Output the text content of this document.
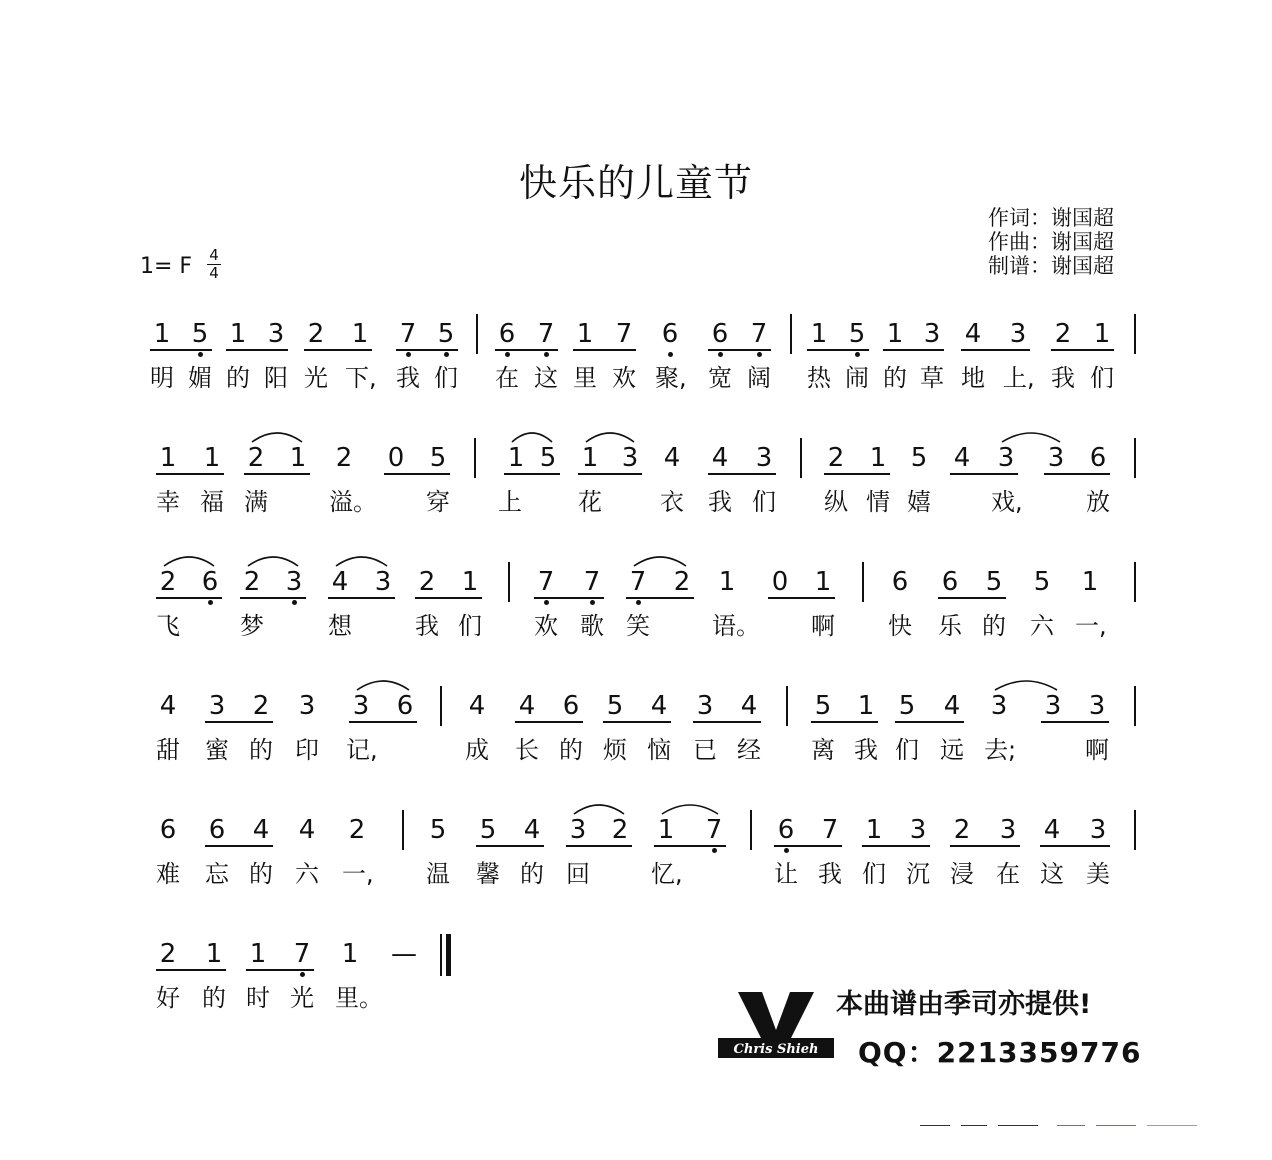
快乐的儿童节
作词：谢国超
作曲：谢国超
制谱：谢国超
1= F 4
4
1 5 1 3 2 1 7 5 6 7 1 7 6 6 7 1 5 1 3 4 3 2 1
明 媚 的 阳 光 下, 我 们 在 这 里 欢 聚, 宽 阔 热 闹 的 草 地 上, 我 们
1 1 2 1 2 0 5 1 5 1 3 4 4 3 2 1 5 4 3 3 6
幸 福 满	溢。 穿 上 花 衣 我 们 纵 情 嬉	戏,	放
2 6 2 3 4 3 2 1 7 7 7 2 1 0 1 6 6 5 5 1
飞	梦	想	我 们 欢 歌 笑	语。 啊 快 乐 的 六 一,
4 3 2 3 3 6 4 4 6 5 4 3 4 5 1 5 4 3 3 3
甜 蜜 的 印 记,	成 长 的 烦 恼 已 经 离 我 们 远 去;	啊
6 6 4 4 2 5 5 4 3 2 1 7 6 7 1 3 2 3 4 3
难 忘 的 六 一, 温 馨 的 回	忆,	让 我 们 沉 浸 在 这 美
2 1 1 7 1 —
好 的 时 光 里。
Chris Shieh
本曲谱由季司亦提供!
QQ：2213359776
